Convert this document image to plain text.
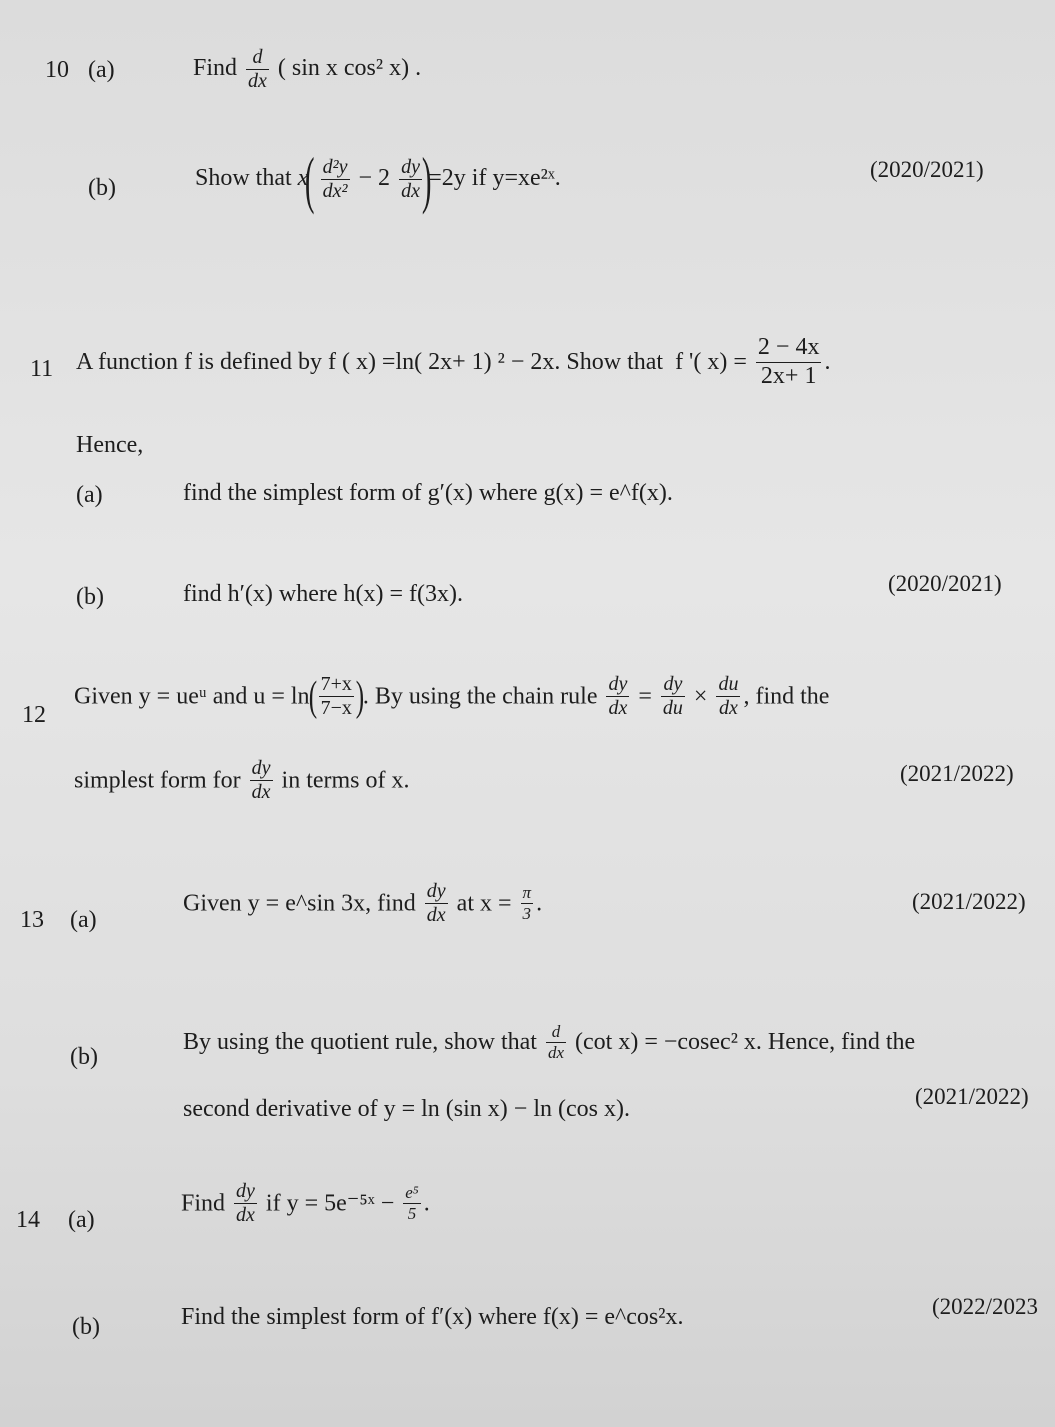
10 (a)	Find $\frac{d}{dx}$ ( sin x cos² x) .
(b)	Show that $x( \frac{\text{d²y}}{\text{dx²}} - 2 \frac{dy}{dx} )=2y$ if y=xe²ˣ.	(2020/2021)
11 A function f is defined by f ( x) =ln( 2x+ 1) ² − 2x. Show that f '( $x) = \frac{2 - 4x}{2x+ 1}$ .
Hence,
(a)	find the simplest form of g′(x) where g(x) = e^f(x).
(b)	find h′(x) where h(x) = f(3x).	(2020/2021)
12
Given y = ueᵘ and $u = \ln( \frac{7+x}{7-x}$ ). By using the chain rule $\frac{dy}{dx} = \frac{dy}{du} \times \frac{du}{dx}$ , find the
simplest form for $\frac{dy}{dx}$ in terms of x.	(2021/2022)
13 (a)
Given y = e^sin 3x, find $\frac{dy}{dx}$ at $x = \frac{\pi}{3}$ .	(2021/2022)
(b)
By using the quotient rule, show that $\frac{d}{dx} (\cot$ x) = −cosec² x. Hence, find the
second derivative of y = ln (sin x) − ln (cos x).	(2021/2022)
14 (a)
Find $\frac{dy}{dx}$ if y = 5e⁻⁵ˣ − $\frac{\text{e⁵}}{5}$ .
(b)	Find the simplest form of f′(x) where f(x) = e^cos²x.	(2022/2023
